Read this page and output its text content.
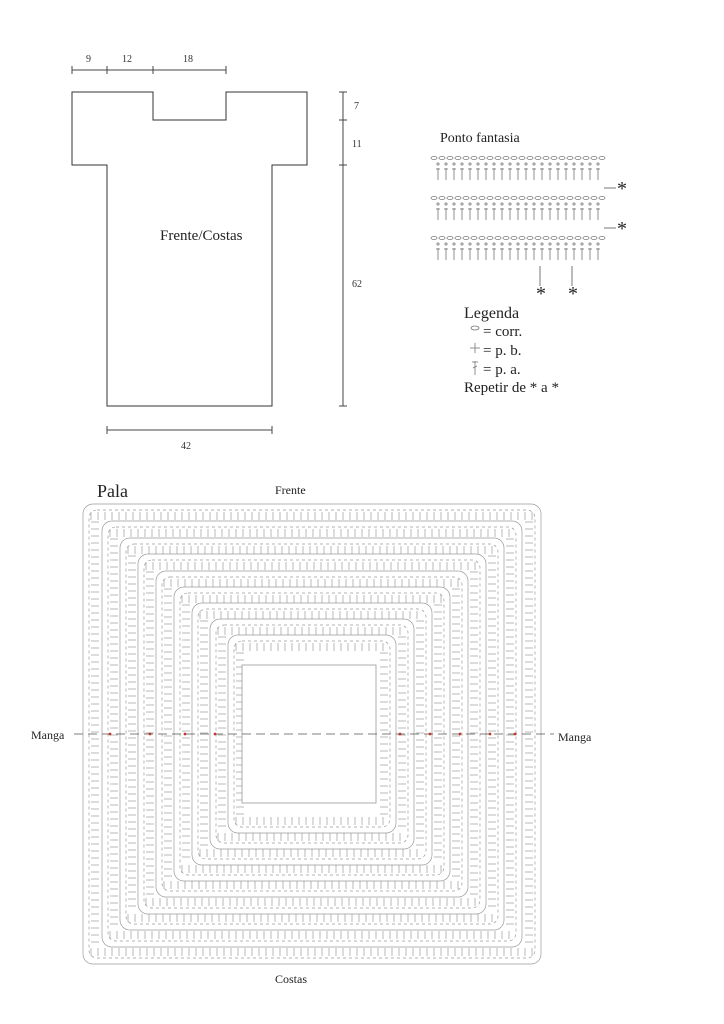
9	12	18
7
11
62
42
Frente/Costas
Ponto fantasia
*
*
* *
Legenda
= corr.
= p. b.
= p. a.
Repetir de * a *
Pala	Frente
Costas
Manga	Manga
